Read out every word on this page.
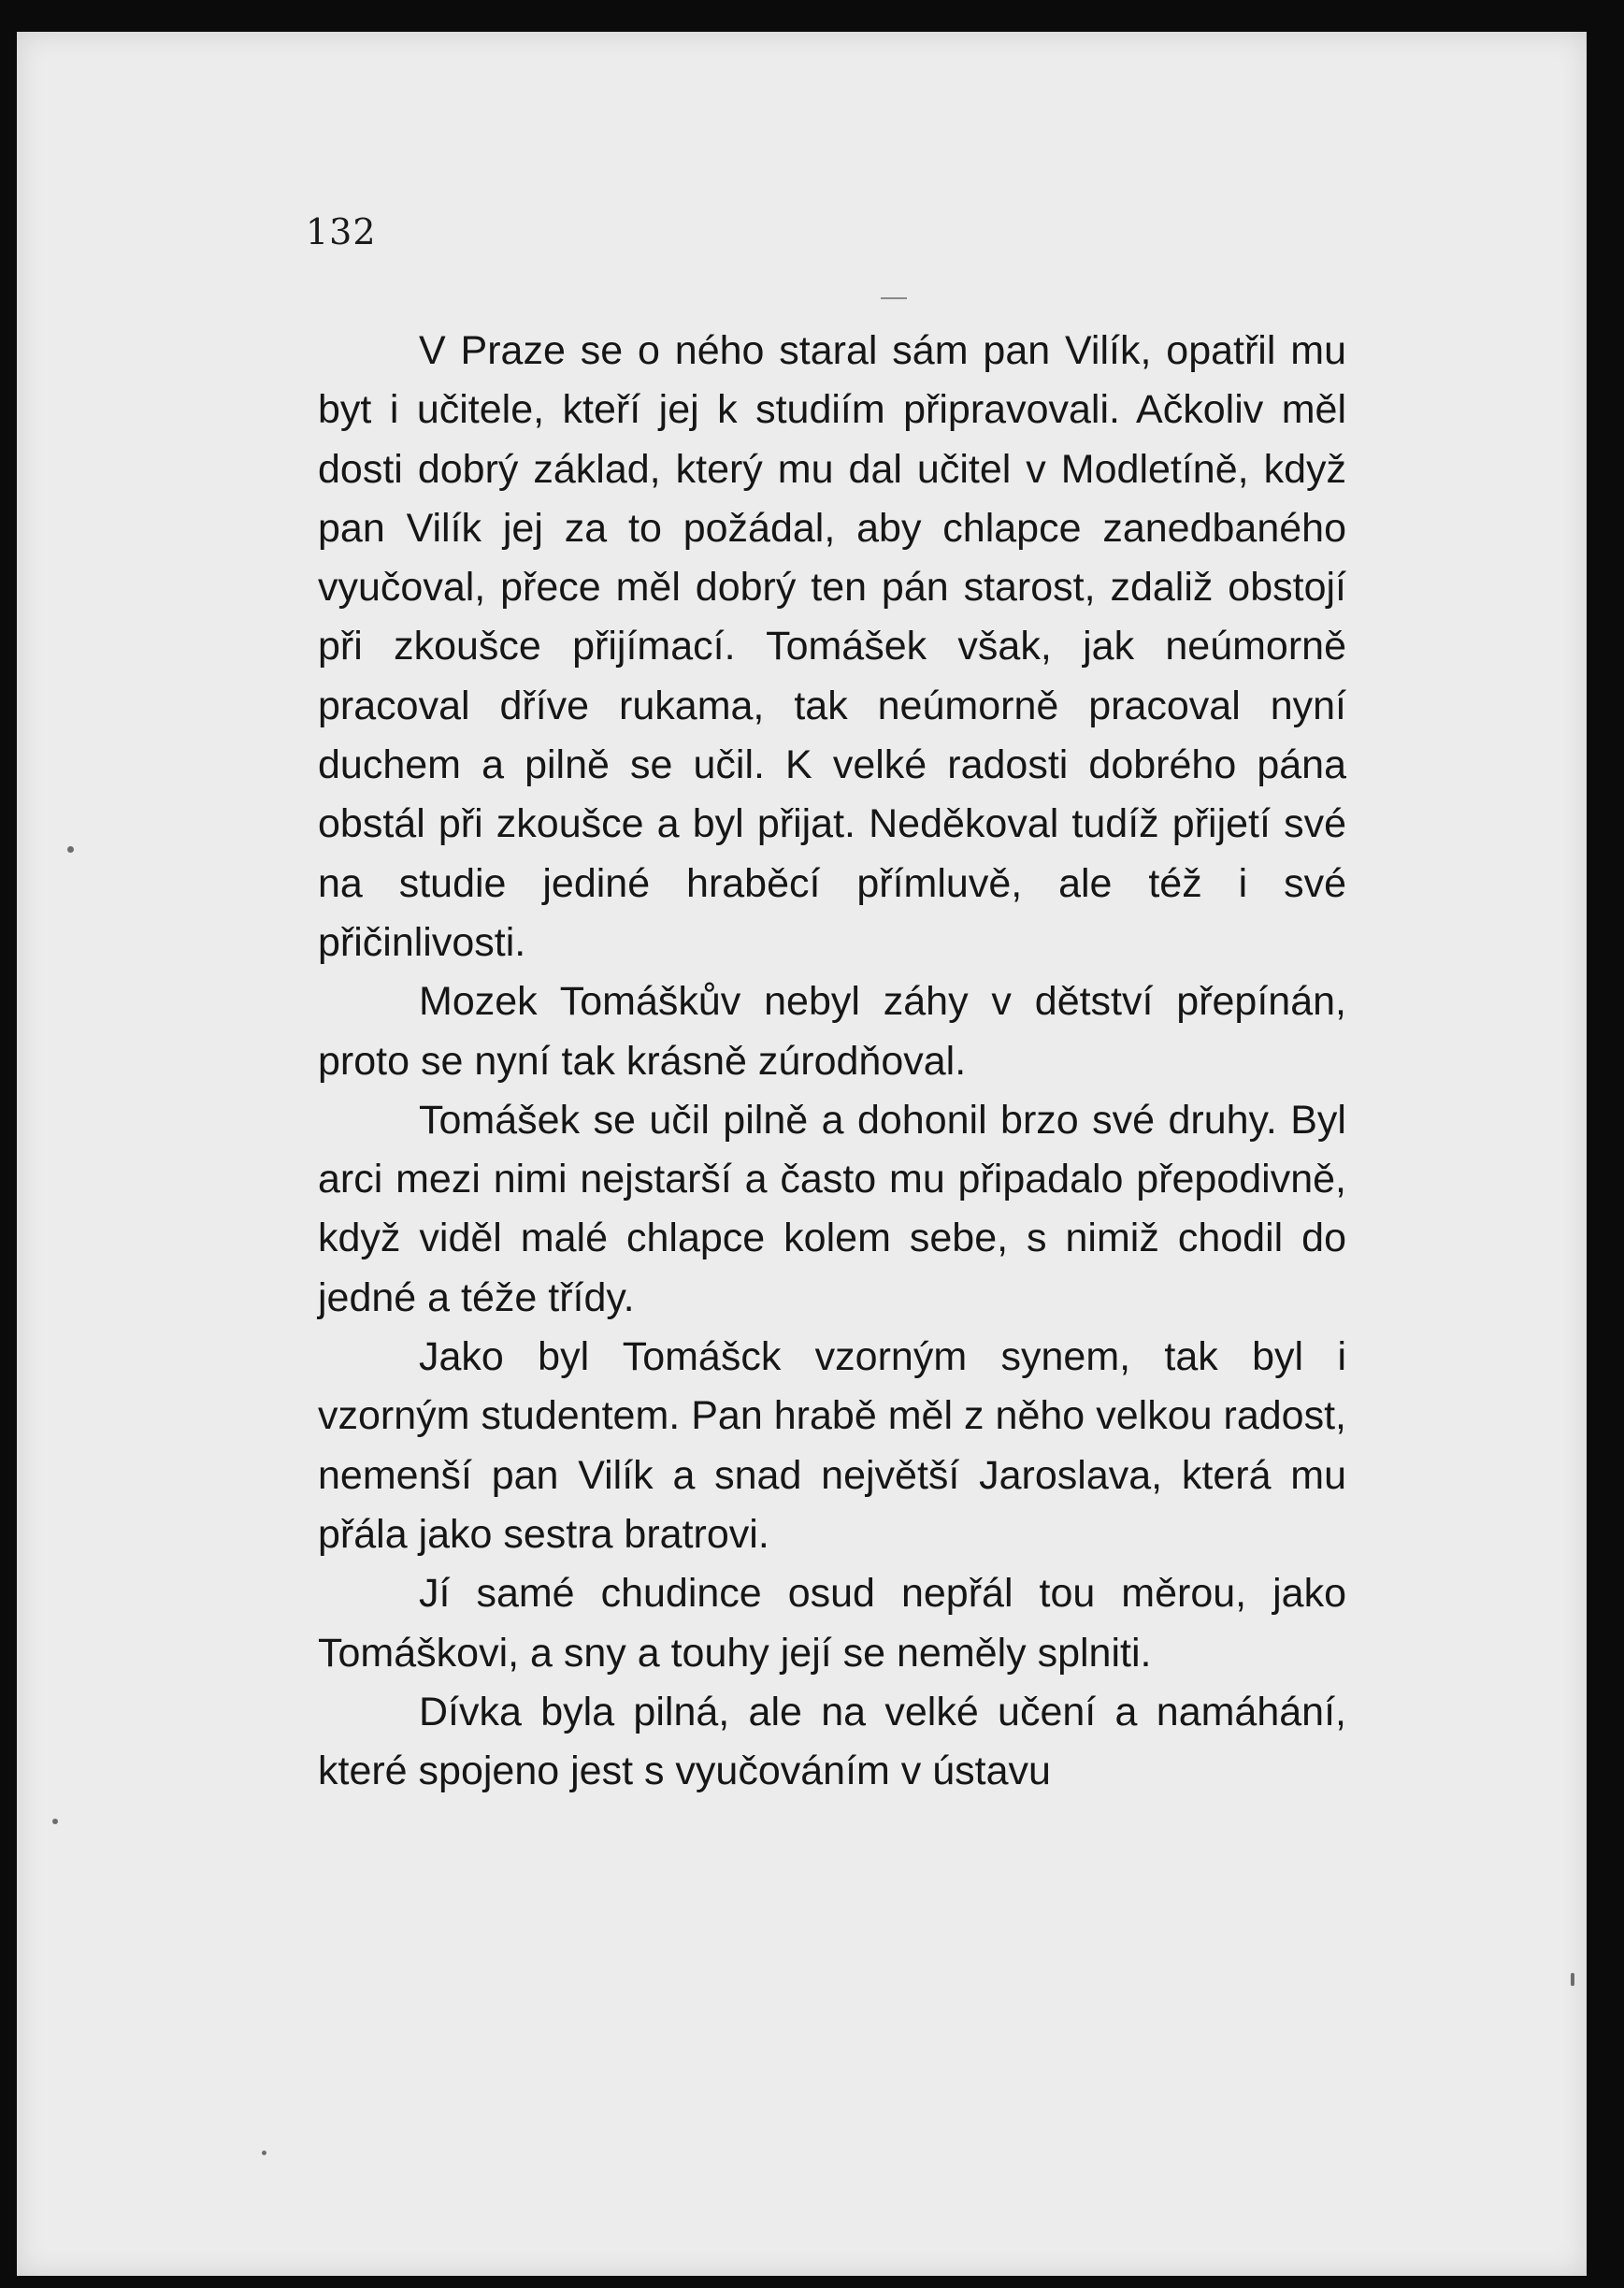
132

V Praze se o ného staral sám pan Vilík, opatřil mu byt i učitele, kteří jej k studiím připravovali. Ačkoliv měl dosti dobrý základ, který mu dal učitel v Modletíně, když pan Vilík jej za to požádal, aby chlapce zanedbaného vyučoval, přece měl dobrý ten pán starost, zdaliž obstojí při zkoušce přijímací. Tomášek však, jak neúmorně pracoval dříve rukama, tak neúmorně pracoval nyní duchem a pilně se učil. K velké radosti dobrého pána obstál při zkoušce a byl přijat. Neděkoval tudíž přijetí své na studie jediné hraběcí přímluvě, ale též i své přičinlivosti.

Mozek Tomáškův nebyl záhy v dětství přepínán, proto se nyní tak krásně zúrodňoval.

Tomášek se učil pilně a dohonil brzo své druhy. Byl arci mezi nimi nejstarší a často mu připadalo přepodivně, když viděl malé chlapce kolem sebe, s nimiž chodil do jedné a téže třídy.

Jako byl Tomášck vzorným synem, tak byl i vzorným studentem. Pan hrabě měl z něho velkou radost, nemenší pan Vilík a snad největší Jaroslava, která mu přála jako sestra bratrovi.

Jí samé chudince osud nepřál tou měrou, jako Tomáškovi, a sny a touhy její se neměly splniti.

Dívka byla pilná, ale na velké učení a namáhání, které spojeno jest s vyučováním v ústavu
